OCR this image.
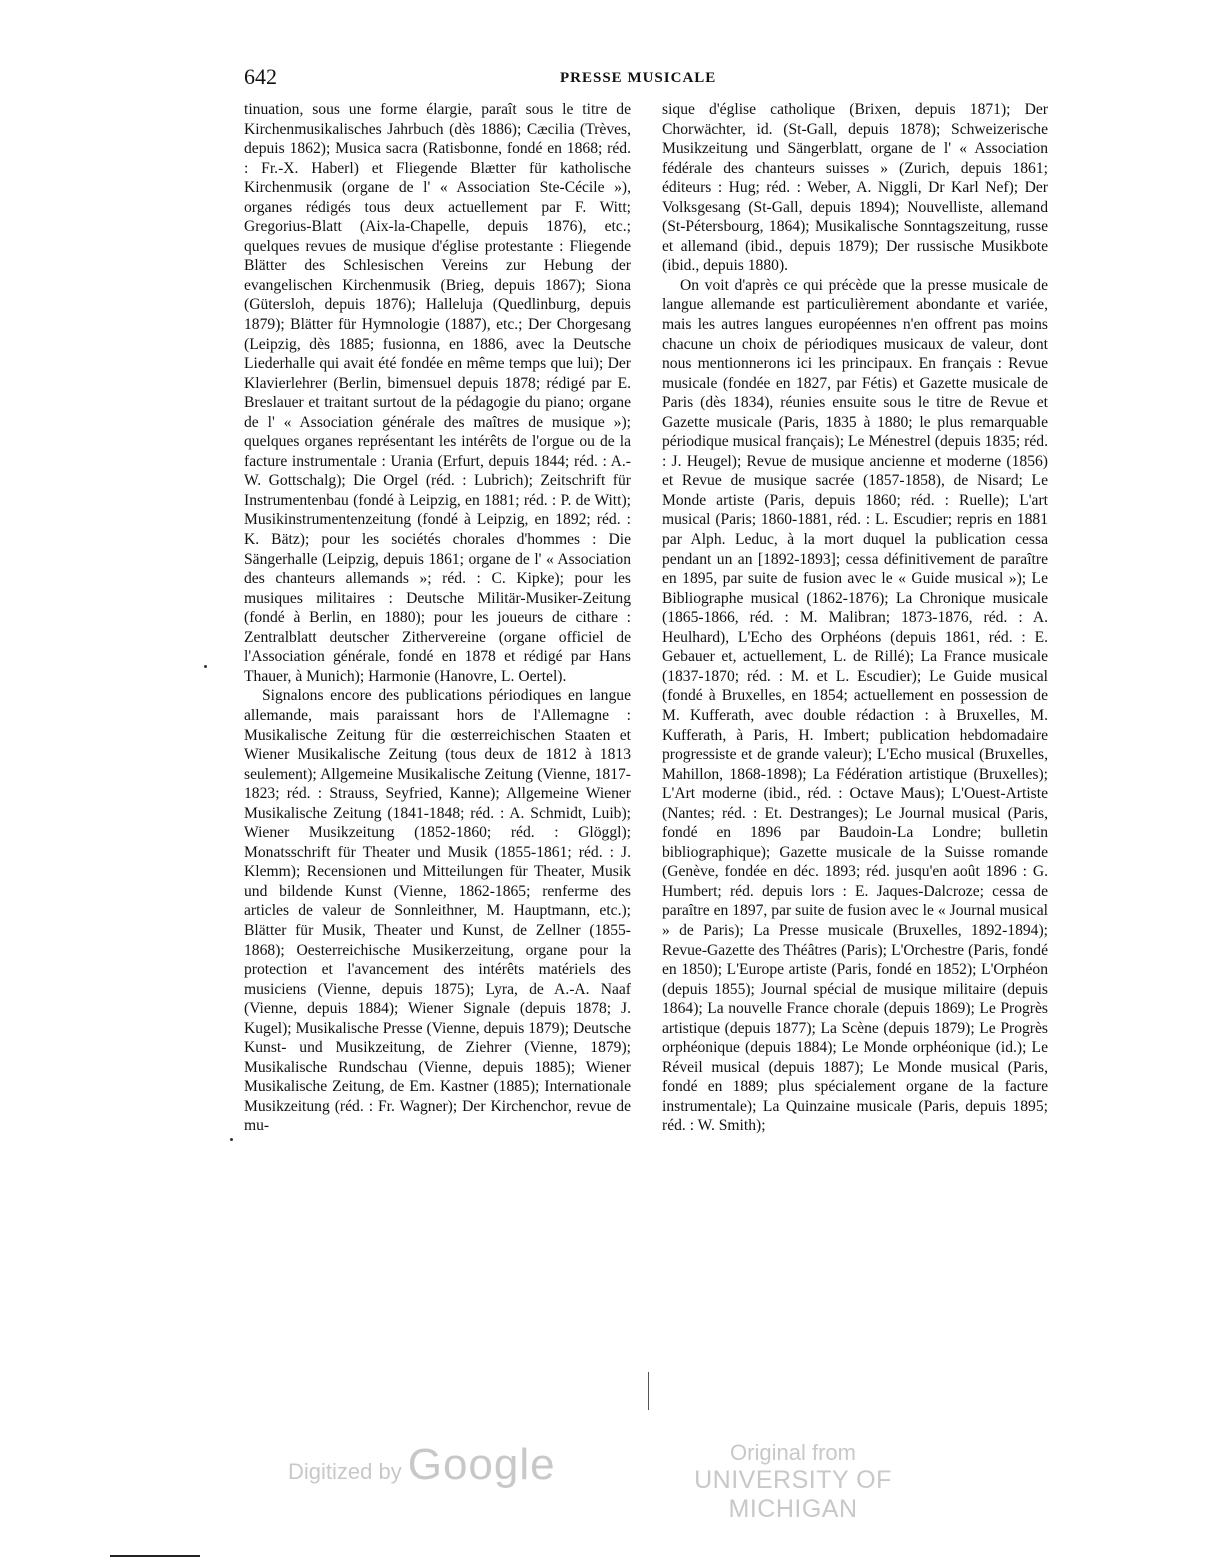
642	PRESSE MUSICALE

tinuation, sous une forme élargie, paraît sous le titre de Kirchenmusikalisches Jahrbuch (dès 1886); Cæcilia (Trèves, depuis 1862); Musica sacra (Ratisbonne, fondé en 1868; réd. : Fr.-X. Haberl) et Fliegende Blætter für katholische Kirchenmusik (organe de l' « Association Ste-Cécile »), organes rédigés tous deux actuellement par F. Witt; Gregorius-Blatt (Aix-la-Chapelle, depuis 1876), etc.; quelques revues de musique d'église protestante : Fliegende Blätter des Schlesischen Vereins zur Hebung der evangelischen Kirchenmusik (Brieg, depuis 1867); Siona (Gütersloh, depuis 1876); Halleluja (Quedlinburg, depuis 1879); Blätter für Hymnologie (1887), etc.; Der Chorgesang (Leipzig, dès 1885; fusionna, en 1886, avec la Deutsche Liederhalle qui avait été fondée en même temps que lui); Der Klavierlehrer (Berlin, bimensuel depuis 1878; rédigé par E. Breslauer et traitant surtout de la pédagogie du piano; organe de l' « Association générale des maîtres de musique »); quelques organes représentant les intérêts de l'orgue ou de la facture instrumentale : Urania (Erfurt, depuis 1844; réd. : A.-W. Gottschalg); Die Orgel (réd. : Lubrich); Zeitschrift für Instrumentenbau (fondé à Leipzig, en 1881; réd. : P. de Witt); Musikinstrumentenzeitung (fondé à Leipzig, en 1892; réd. : K. Bätz); pour les sociétés chorales d'hommes : Die Sängerhalle (Leipzig, depuis 1861; organe de l' « Association des chanteurs allemands »; réd. : C. Kipke); pour les musiques militaires : Deutsche Militär-Musiker-Zeitung (fondé à Berlin, en 1880); pour les joueurs de cithare : Zentralblatt deutscher Zithervereine (organe officiel de l'Association générale, fondé en 1878 et rédigé par Hans Thauer, à Munich); Harmonie (Hanovre, L. Oertel).

Signalons encore des publications périodiques en langue allemande, mais paraissant hors de l'Allemagne : Musikalische Zeitung für die œsterreichischen Staaten et Wiener Musikalische Zeitung (tous deux de 1812 à 1813 seulement); Allgemeine Musikalische Zeitung (Vienne, 1817-1823; réd. : Strauss, Seyfried, Kanne); Allgemeine Wiener Musikalische Zeitung (1841-1848; réd. : A. Schmidt, Luib); Wiener Musikzeitung (1852-1860; réd. : Glöggl); Monatsschrift für Theater und Musik (1855-1861; réd. : J. Klemm); Recensionen und Mitteilungen für Theater, Musik und bildende Kunst (Vienne, 1862-1865; renferme des articles de valeur de Sonnleithner, M. Hauptmann, etc.); Blätter für Musik, Theater und Kunst, de Zellner (1855-1868); Oesterreichische Musikerzeitung, organe pour la protection et l'avancement des intérêts matériels des musiciens (Vienne, depuis 1875); Lyra, de A.-A. Naaf (Vienne, depuis 1884); Wiener Signale (depuis 1878; J. Kugel); Musikalische Presse (Vienne, depuis 1879); Deutsche Kunst- und Musikzeitung, de Ziehrer (Vienne, 1879); Musikalische Rundschau (Vienne, depuis 1885); Wiener Musikalische Zeitung, de Em. Kastner (1885); Internationale Musikzeitung (réd. : Fr. Wagner); Der Kirchenchor, revue de mu-

sique d'église catholique (Brixen, depuis 1871); Der Chorwächter, id. (St-Gall, depuis 1878); Schweizerische Musikzeitung und Sängerblatt, organe de l' « Association fédérale des chanteurs suisses » (Zurich, depuis 1861; éditeurs : Hug; réd. : Weber, A. Niggli, Dr Karl Nef); Der Volksgesang (St-Gall, depuis 1894); Nouvelliste, allemand (St-Pétersbourg, 1864); Musikalische Sonntagszeitung, russe et allemand (ibid., depuis 1879); Der russische Musikbote (ibid., depuis 1880).

On voit d'après ce qui précède que la presse musicale de langue allemande est particulièrement abondante et variée, mais les autres langues européennes n'en offrent pas moins chacune un choix de périodiques musicaux de valeur, dont nous mentionnerons ici les principaux. En français : Revue musicale (fondée en 1827, par Fétis) et Gazette musicale de Paris (dès 1834), réunies ensuite sous le titre de Revue et Gazette musicale (Paris, 1835 à 1880; le plus remarquable périodique musical français); Le Ménestrel (depuis 1835; réd. : J. Heugel); Revue de musique ancienne et moderne (1856) et Revue de musique sacrée (1857-1858), de Nisard; Le Monde artiste (Paris, depuis 1860; réd. : Ruelle); L'art musical (Paris; 1860-1881, réd. : L. Escudier; repris en 1881 par Alph. Leduc, à la mort duquel la publication cessa pendant un an [1892-1893]; cessa définitivement de paraître en 1895, par suite de fusion avec le « Guide musical »); Le Bibliographe musical (1862-1876); La Chronique musicale (1865-1866, réd. : M. Malibran; 1873-1876, réd. : A. Heulhard), L'Echo des Orphéons (depuis 1861, réd. : E. Gebauer et, actuellement, L. de Rillé); La France musicale (1837-1870; réd. : M. et L. Escudier); Le Guide musical (fondé à Bruxelles, en 1854; actuellement en possession de M. Kufferath, avec double rédaction : à Bruxelles, M. Kufferath, à Paris, H. Imbert; publication hebdomadaire progressiste et de grande valeur); L'Echo musical (Bruxelles, Mahillon, 1868-1898); La Fédération artistique (Bruxelles); L'Art moderne (ibid., réd. : Octave Maus); L'Ouest-Artiste (Nantes; réd. : Et. Destranges); Le Journal musical (Paris, fondé en 1896 par Baudoin-La Londre; bulletin bibliographique); Gazette musicale de la Suisse romande (Genève, fondée en déc. 1893; réd. jusqu'en août 1896 : G. Humbert; réd. depuis lors : E. Jaques-Dalcroze; cessa de paraître en 1897, par suite de fusion avec le « Journal musical » de Paris); La Presse musicale (Bruxelles, 1892-1894); Revue-Gazette des Théâtres (Paris); L'Orchestre (Paris, fondé en 1850); L'Europe artiste (Paris, fondé en 1852); L'Orphéon (depuis 1855); Journal spécial de musique militaire (depuis 1864); La nouvelle France chorale (depuis 1869); Le Progrès artistique (depuis 1877); La Scène (depuis 1879); Le Progrès orphéonique (depuis 1884); Le Monde orphéonique (id.); Le Réveil musical (depuis 1887); Le Monde musical (Paris, fondé en 1889; plus spécialement organe de la facture instrumentale); La Quinzaine musicale (Paris, depuis 1895; réd. : W. Smith);

Digitized by Google	Original from
UNIVERSITY OF MICHIGAN
